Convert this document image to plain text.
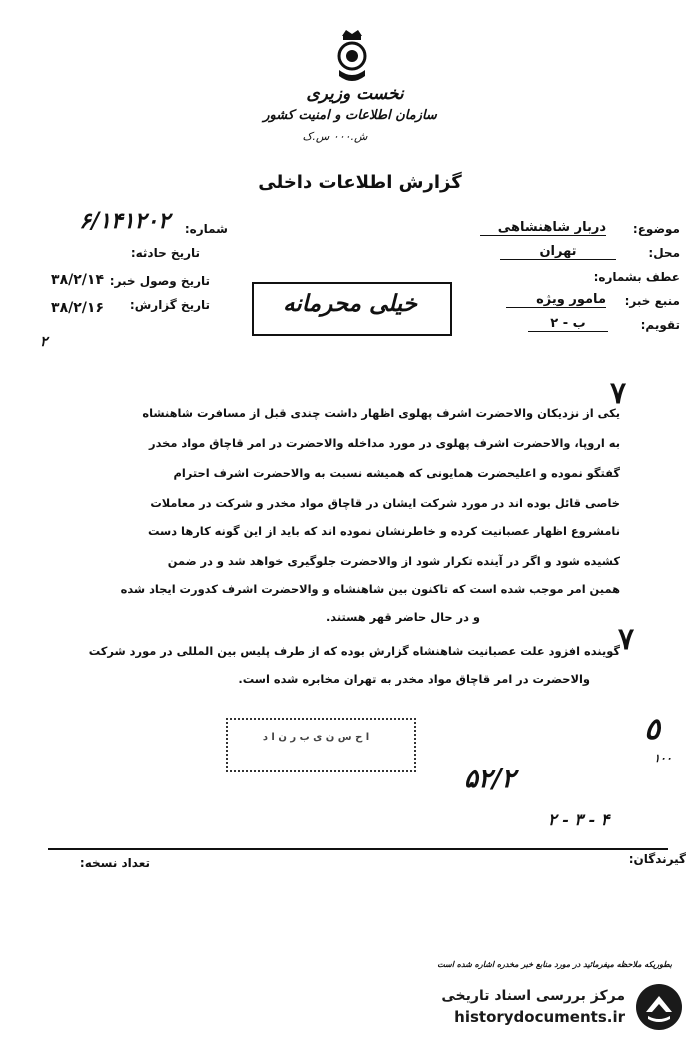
نخست وزیری
سازمان اطلاعات و امنیت کشور
ش.۰۰۰ س.ک
گزارش اطلاعات داخلی
شماره:
۶/۱۴۱۲۰۲
تاریخ حادثه:
تاریخ وصول خبر:
۳۸/۲/۱۴
تاریخ گزارش:
۳۸/۲/۱۶
۲
موضوع:
دربار شاهنشاهی
محل:
تهران
عطف بشماره:
منبع خبر:
مامور ویژه
تقویم:
ب - ۲
خیلی محرمانه
٧
یکی از نزدیکان والاحضرت اشرف پهلوی اظهار داشت چندی قبل از مسافرت شاهنشاه
به اروپا، والاحضرت اشرف پهلوی در مورد مداخله والاحضرت در امر قاچاق مواد مخدر
گفتگو نموده و اعلیحضرت همایونی که همیشه نسبت به والاحضرت اشرف احترام
خاصی قائل بوده اند در مورد شرکت ایشان در قاچاق مواد مخدر و شرکت در معاملات
نامشروع اظهار عصبانیت کرده و خاطرنشان نموده اند که باید از این گونه کارها دست
کشیده شود و اگر در آینده تکرار شود از والاحضرت جلوگیری خواهد شد و در ضمن
همین امر موجب شده است که تاکنون بین شاهنشاه و والاحضرت اشرف کدورت ایجاد شده
و در حال حاضر قهر هستند.
٧
گوینده افزود علت عصبانیت شاهنشاه گزارش بوده که از طرف پلیس بین المللی در مورد شرکت
والاحضرت در امر قاچاق مواد مخدر به تهران مخابره شده است.
ا ح س ن ی ب ر ن ا د	٥
١٠٠
۵۲/۲
۲ - ۳ - ۴
گیرندگان:
تعداد نسخه:
بطوریکه ملاحظه میفرمائید در مورد منابع خبر مخدره اشاره شده است
مرکز بررسی اسناد تاریخی
historydocuments.ir
